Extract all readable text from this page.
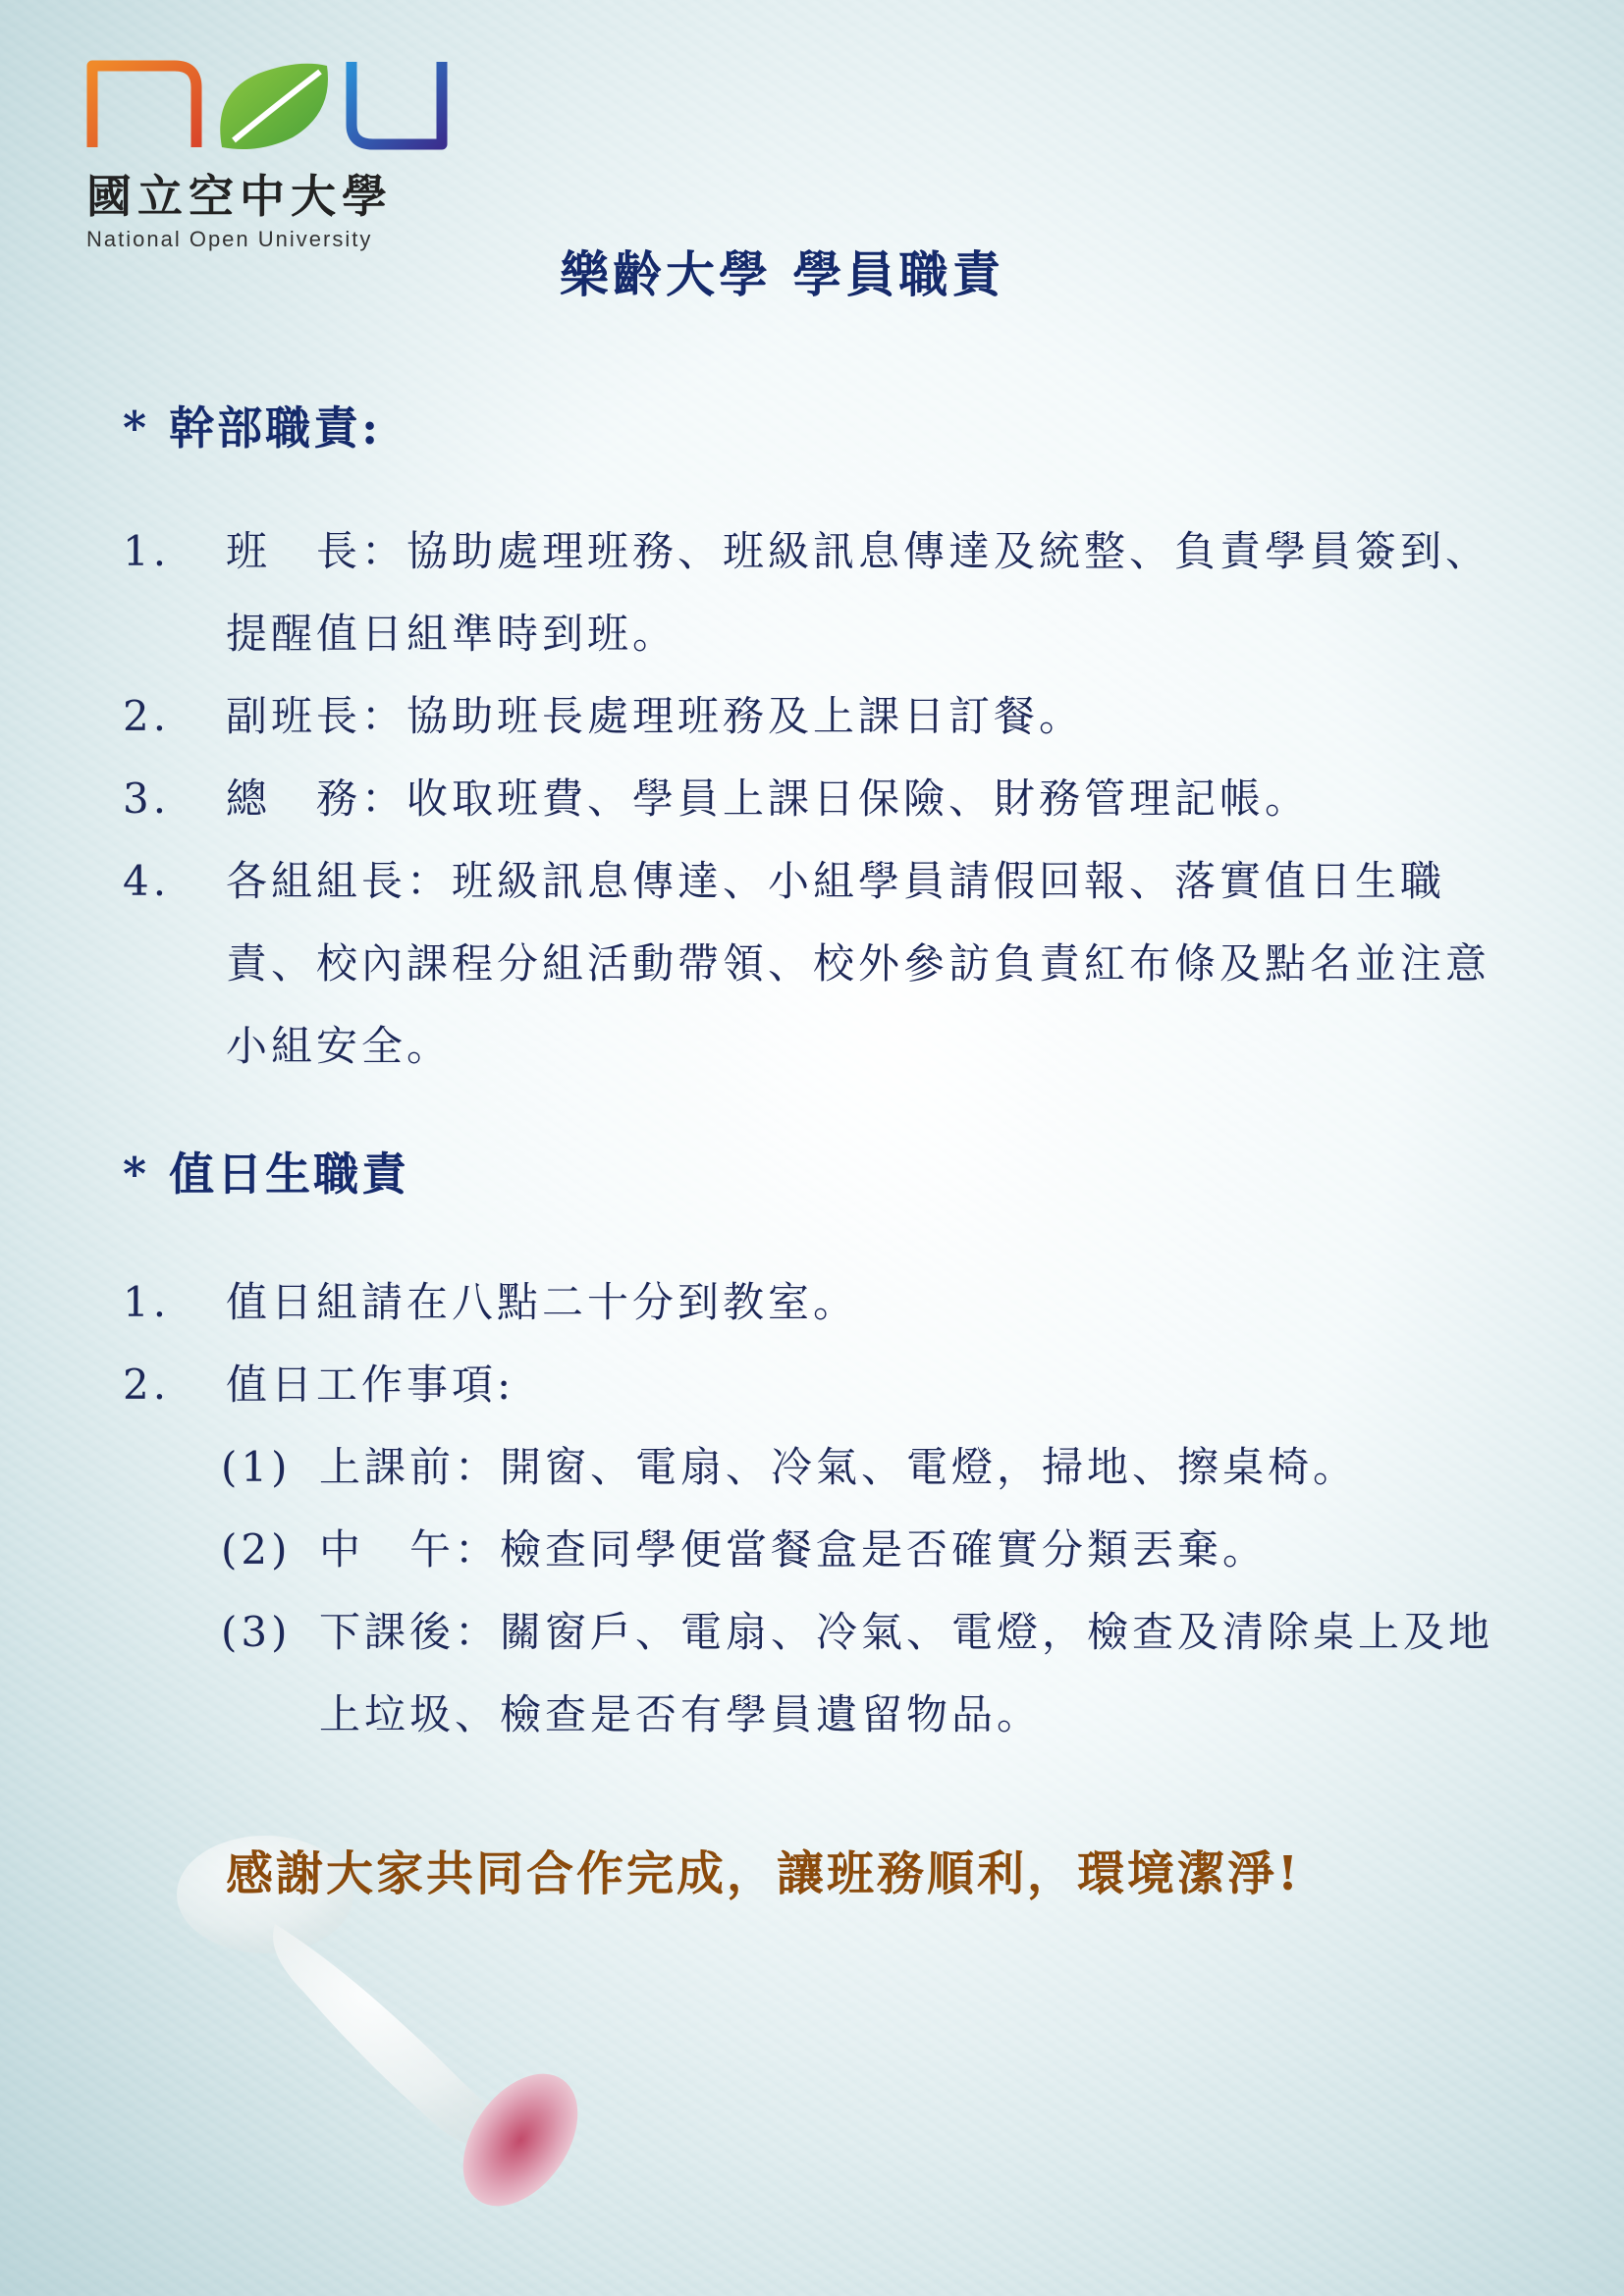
國立空中大學
National Open University
樂齡大學 學員職責
* 幹部職責:
1.	班　長：協助處理班務、班級訊息傳達及統整、負責學員簽到、提醒值日組準時到班。
2.	副班長：協助班長處理班務及上課日訂餐。
3.	總　務：收取班費、學員上課日保險、財務管理記帳。
4.	各組組長：班級訊息傳達、小組學員請假回報、落實值日生職責、校內課程分組活動帶領、校外參訪負責紅布條及點名並注意小組安全。
* 值日生職責
1.	值日組請在八點二十分到教室。
2.	值日工作事項:
(1) 上課前：開窗、電扇、冷氣、電燈，掃地、擦桌椅。
(2) 中　午：檢查同學便當餐盒是否確實分類丟棄。
(3) 下課後：關窗戶、電扇、冷氣、電燈，檢查及清除桌上及地上垃圾、檢查是否有學員遺留物品。

感謝大家共同合作完成，讓班務順利，環境潔淨!
